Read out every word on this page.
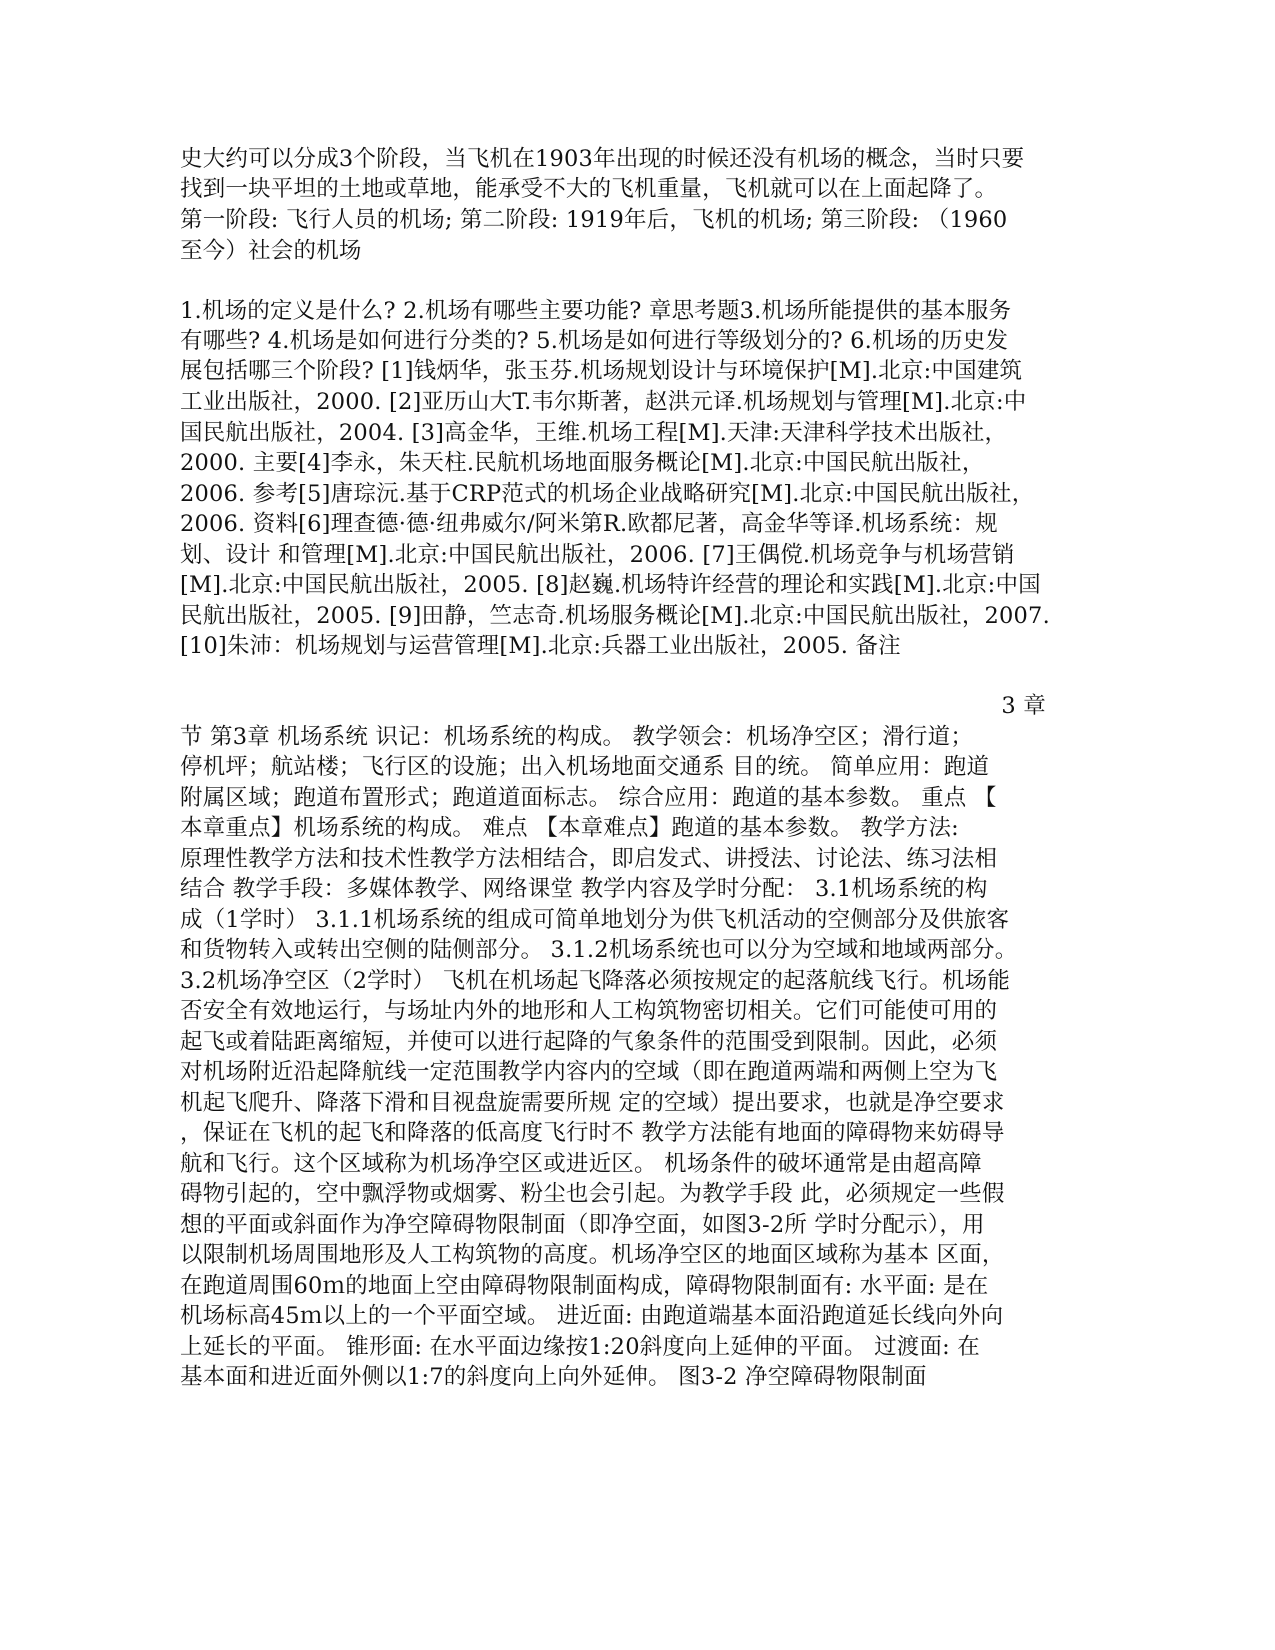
史大约可以分成3个阶段，当飞机在1903年出现的时候还没有机场的概念，当时只要
找到一块平坦的土地或草地，能承受不大的飞机重量，飞机就可以在上面起降了。
第一阶段: 飞行人员的机场; 第二阶段: 1919年后，飞机的机场; 第三阶段: （1960
至今）社会的机场
1.机场的定义是什么? 2.机场有哪些主要功能? 章思考题3.机场所能提供的基本服务
有哪些? 4.机场是如何进行分类的? 5.机场是如何进行等级划分的? 6.机场的历史发
展包括哪三个阶段? [1]钱炳华，张玉芬.机场规划设计与环境保护[M].北京:中国建筑
工业出版社，2000. [2]亚历山大T.韦尔斯著，赵洪元译.机场规划与管理[M].北京:中
国民航出版社，2004. [3]高金华，王维.机场工程[M].天津:天津科学技术出版社，
2000. 主要[4]李永，朱天柱.民航机场地面服务概论[M].北京:中国民航出版社，
2006. 参考[5]唐琮沅.基于CRP范式的机场企业战略研究[M].北京:中国民航出版社，
2006. 资料[6]理查德·德·纽弗威尔/阿米第R.欧都尼著，高金华等译.机场系统：规
划、设计 和管理[M].北京:中国民航出版社，2006. [7]王偶傥.机场竞争与机场营销
[M].北京:中国民航出版社，2005. [8]赵巍.机场特许经营的理论和实践[M].北京:中国
民航出版社，2005. [9]田静，竺志奇.机场服务概论[M].北京:中国民航出版社，2007.
[10]朱沛：机场规划与运营管理[M].北京:兵器工业出版社，2005. 备注
3 章
节 第3章 机场系统 识记：机场系统的构成。 教学领会：机场净空区；滑行道；
停机坪；航站楼；飞行区的设施；出入机场地面交通系 目的统。 简单应用：跑道
附属区域；跑道布置形式；跑道道面标志。 综合应用：跑道的基本参数。 重点 【
本章重点】机场系统的构成。 难点 【本章难点】跑道的基本参数。 教学方法:
原理性教学方法和技术性教学方法相结合，即启发式、讲授法、讨论法、练习法相
结合 教学手段：多媒体教学、网络课堂 教学内容及学时分配： 3.1机场系统的构
成（1学时） 3.1.1机场系统的组成可简单地划分为供飞机活动的空侧部分及供旅客
和货物转入或转出空侧的陆侧部分。 3.1.2机场系统也可以分为空域和地域两部分。
3.2机场净空区（2学时） 飞机在机场起飞降落必须按规定的起落航线飞行。机场能
否安全有效地运行，与场址内外的地形和人工构筑物密切相关。它们可能使可用的
起飞或着陆距离缩短，并使可以进行起降的气象条件的范围受到限制。因此，必须
对机场附近沿起降航线一定范围教学内容内的空域（即在跑道两端和两侧上空为飞
机起飞爬升、降落下滑和目视盘旋需要所规 定的空域）提出要求，也就是净空要求
，保证在飞机的起飞和降落的低高度飞行时不 教学方法能有地面的障碍物来妨碍导
航和飞行。这个区域称为机场净空区或进近区。 机场条件的破坏通常是由超高障
碍物引起的，空中飘浮物或烟雾、粉尘也会引起。为教学手段 此，必须规定一些假
想的平面或斜面作为净空障碍物限制面（即净空面，如图3-2所 学时分配示），用
以限制机场周围地形及人工构筑物的高度。机场净空区的地面区域称为基本 区面，
在跑道周围60ｍ的地面上空由障碍物限制面构成，障碍物限制面有: 水平面: 是在
机场标高45ｍ以上的一个平面空域。 进近面: 由跑道端基本面沿跑道延长线向外向
上延长的平面。 锥形面: 在水平面边缘按1:20斜度向上延伸的平面。 过渡面: 在
基本面和进近面外侧以1:7的斜度向上向外延伸。 图3-2 净空障碍物限制面
